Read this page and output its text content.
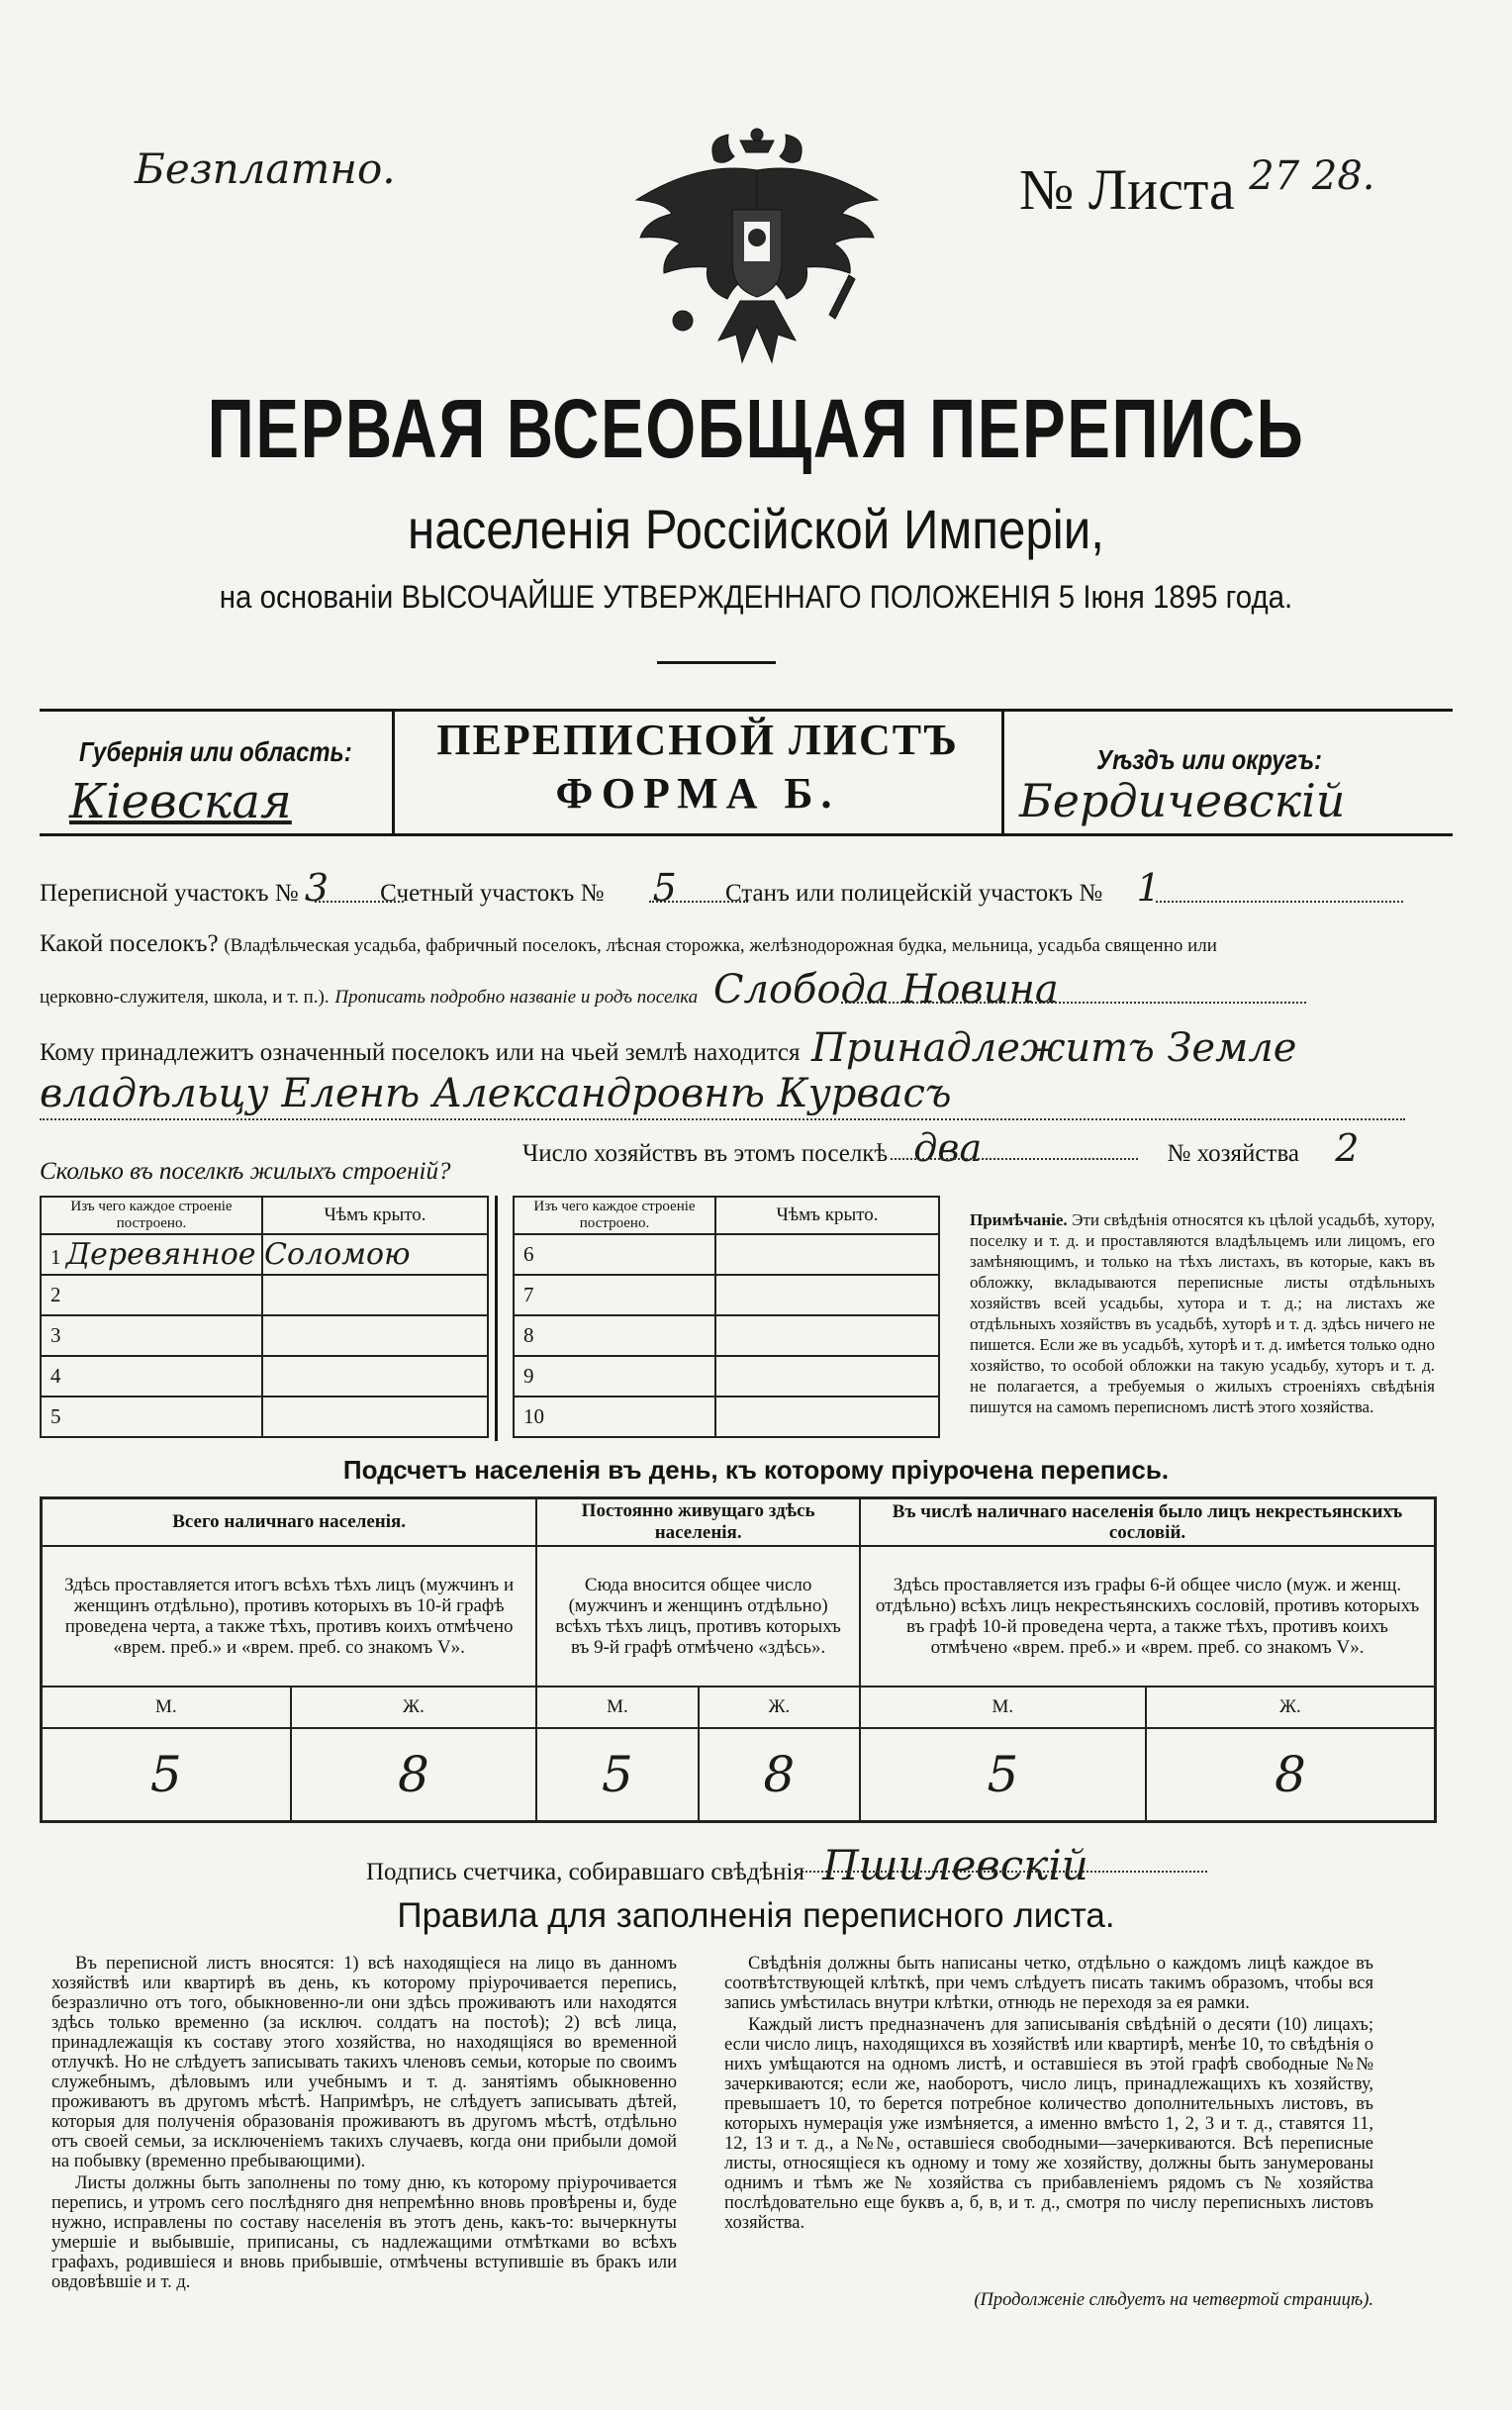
Безплатно.	№ Листа $^{27 28.}$
ПЕРВАЯ ВСЕОБЩАЯ ПЕРЕПИСЬ
населенія Россійской Имперіи,
на основаніи ВЫСОЧАЙШЕ УТВЕРЖДЕННАГО ПОЛОЖЕНІЯ 5 Іюня 1895 года.
Губернія или область:
Кіевская
ПЕРЕПИСНОЙ ЛИСТЪ
ФОРМА Б.
Уѣздъ или округъ:
Бердичевскій
Переписной участокъ № 3 Счетный участокъ № 5 Станъ или полицейскій участокъ № 1
Какой поселокъ? (Владѣльческая усадьба, фабричный поселокъ, лѣсная сторожка, желѣзнодорожная будка, мельница, усадьба священно или
церковно-служителя, школа, и т. п.). Прописать подробно названіе и родъ поселка Слобода Новина
Кому принадлежитъ означенный поселокъ или на чьей землѣ находится Принадлежитъ Земле
владѣльцу Еленѣ Александровнѣ Курвасъ
Число хозяйствъ въ этомъ поселкѣ два	№ хозяйства 2
Сколько въ поселкѣ жилыхъ строеній?
Изъ чего каждое строеніе построено.	Чѣмъ крыто.
1 Деревянное	Соломою
2	
3	
4	
5	
Изъ чего каждое строеніе построено.	Чѣмъ крыто.
6	
7	
8	
9	
10	
Примѣчаніе. Эти свѣдѣнія относятся къ цѣлой усадьбѣ, хутору, поселку и т. д. и проставляются владѣльцемъ или лицомъ, его замѣняющимъ, и только на тѣхъ листахъ, въ которые, какъ въ обложку, вкладываются переписные листы отдѣльныхъ хозяйствъ всей усадьбы, хутора и т. д.; на листахъ же отдѣльныхъ хозяйствъ въ усадьбѣ, хуторѣ и т. д. здѣсь ничего не пишется. Если же въ усадьбѣ, хуторѣ и т. д. имѣется только одно хозяйство, то особой обложки на такую усадьбу, хуторъ и т. д. не полагается, а требуемыя о жилыхъ строеніяхъ свѣдѣнія пишутся на самомъ переписномъ листѣ этого хозяйства.
Подсчетъ населенія въ день, къ которому пріурочена перепись.
Всего наличнаго населенія.		Постоянно живущаго здѣсь населенія.		Въ числѣ наличнаго населенія было лицъ некрестьянскихъ сословій.	
Здѣсь проставляется итогъ всѣхъ тѣхъ лицъ (мужчинъ и женщинъ отдѣльно), противъ которыхъ въ 10-й графѣ проведена черта, а также тѣхъ, противъ коихъ отмѣчено «врем. преб.» и «врем. преб. со знакомъ V».		Сюда вносится общее число (мужчинъ и женщинъ отдѣльно) всѣхъ тѣхъ лицъ, противъ которыхъ въ 9-й графѣ отмѣчено «здѣсь».		Здѣсь проставляется изъ графы 6-й общее число (муж. и женщ. отдѣльно) всѣхъ лицъ некрестьянскихъ сословій, противъ которыхъ въ графѣ 10-й проведена черта, а также тѣхъ, противъ коихъ отмѣчено «врем. преб.» и «врем. преб. со знакомъ V».	
М.	Ж.	М.	Ж.	М.	Ж.
5	8	5	8	5	8
Подпись счетчика, собиравшаго свѣдѣнія Пшилевскій
Правила для заполненія переписного листа.

Въ переписной листъ вносятся: 1) всѣ находящіеся на лицо въ данномъ хозяйствѣ или квартирѣ въ день, къ которому пріурочивается перепись, безразлично отъ того, обыкновенно-ли они здѣсь проживаютъ или находятся здѣсь только временно (за исключ. солдатъ на постоѣ); 2) всѣ лица, принадлежащія къ составу этого хозяйства, но находящіяся во временной отлучкѣ. Но не слѣдуетъ записывать такихъ членовъ семьи, которые по своимъ служебнымъ, дѣловымъ или учебнымъ и т. д. занятіямъ обыкновенно проживаютъ въ другомъ мѣстѣ. Напримѣръ, не слѣдуетъ записывать дѣтей, которыя для полученія образованія проживаютъ въ другомъ мѣстѣ, отдѣльно отъ своей семьи, за исключеніемъ такихъ случаевъ, когда они прибыли домой на побывку (временно пребывающими).

Листы должны быть заполнены по тому дню, къ которому пріурочивается перепись, и утромъ сего послѣдняго дня непремѣнно вновь провѣрены и, буде нужно, исправлены по составу населенія въ этотъ день, какъ-то: вычеркнуты умершіе и выбывшіе, приписаны, съ надлежащими отмѣтками во всѣхъ графахъ, родившіеся и вновь прибывшіе, отмѣчены вступившіе въ бракъ или овдовѣвшіе и т. д.

Свѣдѣнія должны быть написаны четко, отдѣльно о каждомъ лицѣ каждое въ соотвѣтствующей клѣткѣ, при чемъ слѣдуетъ писать такимъ образомъ, чтобы вся запись умѣстилась внутри клѣтки, отнюдь не переходя за ея рамки.

Каждый листъ предназначенъ для записыванія свѣдѣній о десяти (10) лицахъ; если число лицъ, находящихся въ хозяйствѣ или квартирѣ, менѣе 10, то свѣдѣнія о нихъ умѣщаются на одномъ листѣ, и оставшіеся въ этой графѣ свободные №№ зачеркиваются; если же, наоборотъ, число лицъ, принадлежащихъ къ хозяйству, превышаетъ 10, то берется потребное количество дополнительныхъ листовъ, въ которыхъ нумерація уже измѣняется, а именно вмѣсто 1, 2, 3 и т. д., ставятся 11, 12, 13 и т. д., а №№, оставшіеся свободными—зачеркиваются. Всѣ переписные листы, относящіеся къ одному и тому же хозяйству, должны быть занумерованы однимъ и тѣмъ же № хозяйства съ прибавленіемъ рядомъ съ № хозяйства послѣдовательно еще буквъ а, б, в, и т. д., смотря по числу переписныхъ листовъ хозяйства.

(Продолженіе слѣдуетъ на четвертой страницѣ).
